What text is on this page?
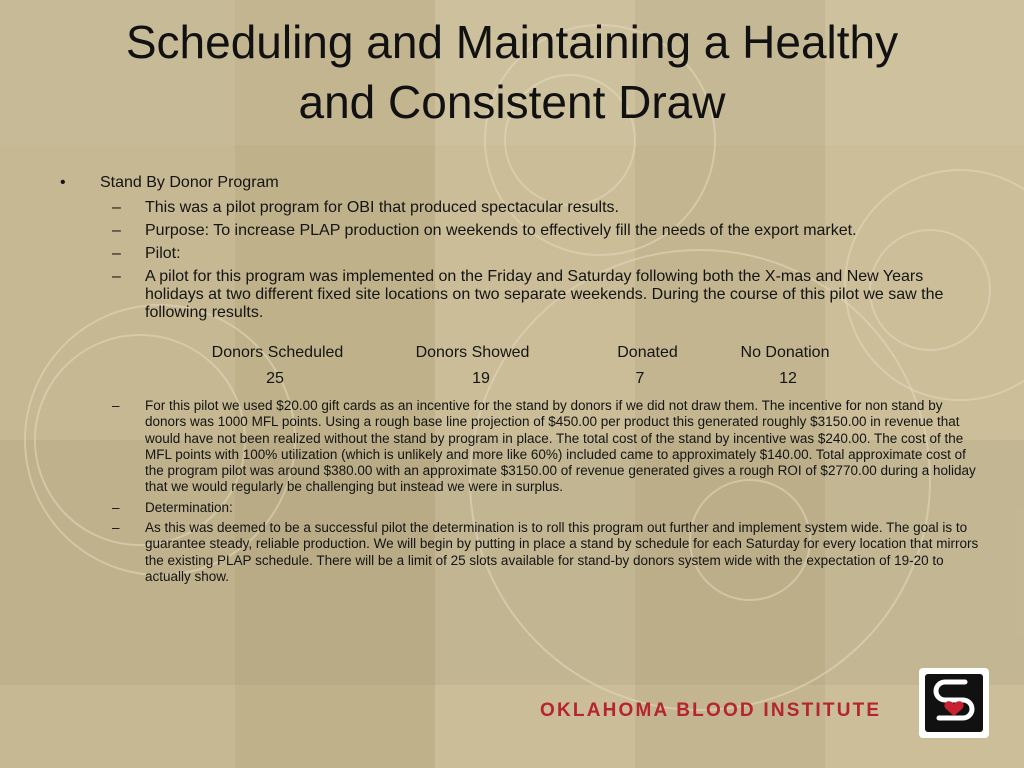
Scheduling and Maintaining a Healthy
and Consistent Draw
•	Stand By Donor Program
– This was a pilot program for OBI that produced spectacular results.
– Purpose: To increase PLAP production on weekends to effectively fill the needs of the export market.
– Pilot:
– A pilot for this program was implemented on the Friday and Saturday following both the X-mas and New Years holidays at two different fixed site locations on two separate weekends. During the course of this pilot we saw the following results.
Donors Scheduled	Donors Showed	Donated	No Donation
25	19	7	12
– For this pilot we used $20.00 gift cards as an incentive for the stand by donors if we did not draw them. The incentive for non stand by donors was 1000 MFL points. Using a rough base line projection of $450.00 per product this generated roughly $3150.00 in revenue that would have not been realized without the stand by program in place. The total cost of the stand by incentive was $240.00. The cost of the MFL points with 100% utilization (which is unlikely and more like 60%) included came to approximately $140.00. Total approximate cost of the program pilot was around $380.00 with an approximate $3150.00 of revenue generated gives a rough ROI of $2770.00 during a holiday that we would regularly be challenging but instead we were in surplus.
– Determination:
– As this was deemed to be a successful pilot the determination is to roll this program out further and implement system wide. The goal is to guarantee steady, reliable production. We will begin by putting in place a stand by schedule for each Saturday for every location that mirrors the existing PLAP schedule. There will be a limit of 25 slots available for stand-by donors system wide with the expectation of 19-20 to actually show.
OKLAHOMA BLOOD INSTITUTE
